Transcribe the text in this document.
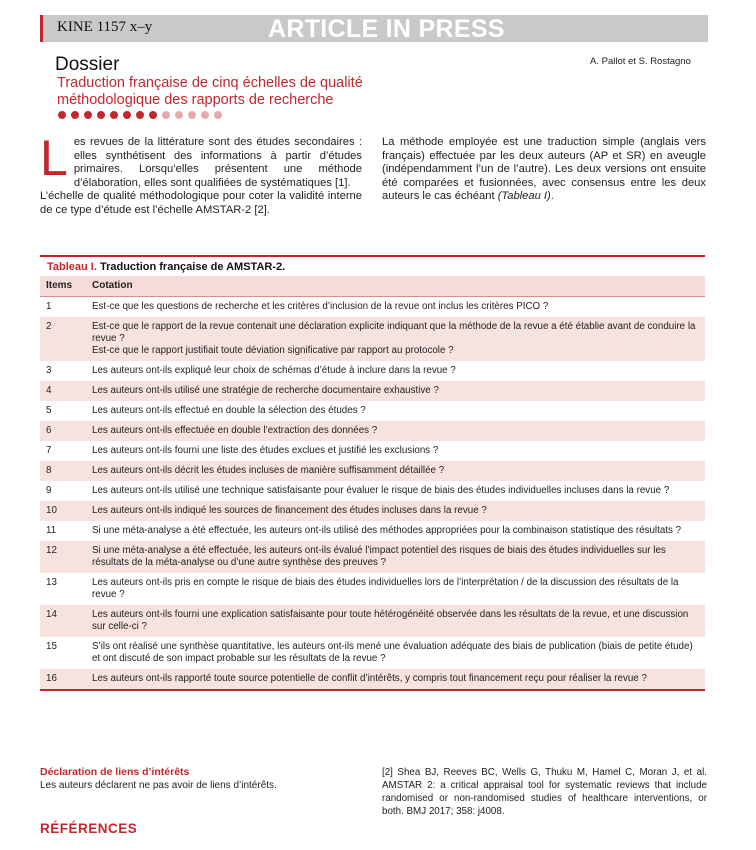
KINE 1157 x–y	ARTICLE IN PRESS
Dossier	A. Pallot et S. Rostagno
Traduction française de cinq échelles de qualité
méthodologique des rapports de recherche

Les revues de la littérature sont des études secondaires : elles synthétisent des informations à partir d’études primaires. Lorsqu’elles présentent une méthode d’élaboration, elles sont qualifiées de systématiques [1].

L’échelle de qualité méthodologique pour coter la validité interne de ce type d’étude est l’échelle AMSTAR-2 [2].

La méthode employée est une traduction simple (anglais vers français) effectuée par les deux auteurs (AP et SR) en aveugle (indépendamment l’un de l’autre). Les deux versions ont ensuite été comparées et fusionnées, avec consensus entre les deux auteurs le cas échéant (Tableau I).

Tableau I. Traduction française de AMSTAR-2.
Items	Cotation
1	Est-ce que les questions de recherche et les critères d’inclusion de la revue ont inclus les critères PICO ?

2	Est-ce que le rapport de la revue contenait une déclaration explicite indiquant que la méthode de la revue a été établie avant de conduire la revue ?
Est-ce que le rapport justifiait toute déviation significative par rapport au protocole ?

3	Les auteurs ont-ils expliqué leur choix de schémas d’étude à inclure dans la revue ?

4	Les auteurs ont-ils utilisé une stratégie de recherche documentaire exhaustive ?

5	Les auteurs ont-ils effectué en double la sélection des études ?

6	Les auteurs ont-ils effectuée en double l’extraction des données ?

7	Les auteurs ont-ils fourni une liste des études exclues et justifié les exclusions ?

8	Les auteurs ont-ils décrit les études incluses de manière suffisamment détaillée ?

9	Les auteurs ont-ils utilisé une technique satisfaisante pour évaluer le risque de biais des études individuelles incluses dans la revue ?

10	Les auteurs ont-ils indiqué les sources de financement des études incluses dans la revue ?

11	Si une méta-analyse a été effectuée, les auteurs ont-ils utilisé des méthodes appropriées pour la combinaison statistique des résultats ?

12	Si une méta-analyse a été effectuée, les auteurs ont-ils évalué l’impact potentiel des risques de biais des études individuelles sur les résultats de la méta-analyse ou d’une autre synthèse des preuves ?

13	Les auteurs ont-ils pris en compte le risque de biais des études individuelles lors de l’interprétation / de la discussion des résultats de la revue ?

14	Les auteurs ont-ils fourni une explication satisfaisante pour toute hétérogénéité observée dans les résultats de la revue, et une discussion sur celle-ci ?

15	S’ils ont réalisé une synthèse quantitative, les auteurs ont-ils mené une évaluation adéquate des biais de publication (biais de petite étude) et ont discuté de son impact probable sur les résultats de la revue ?

16	Les auteurs ont-ils rapporté toute source potentielle de conflit d’intérêts, y compris tout financement reçu pour réaliser la revue ?
Déclaration de liens d’intérêts
Les auteurs déclarent ne pas avoir de liens d’intérêts.
RÉFÉRENCES
[2] Shea BJ, Reeves BC, Wells G, Thuku M, Hamel C, Moran J, et al. AMSTAR 2: a critical appraisal tool for systematic reviews that include randomised or non-randomised studies of healthcare interventions, or both. BMJ 2017; 358: j4008.
